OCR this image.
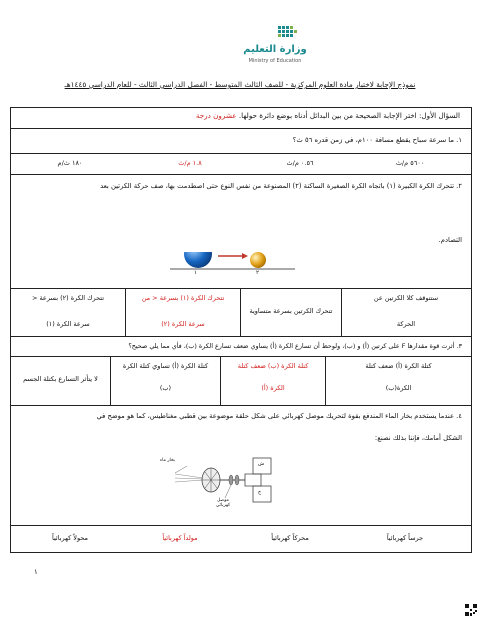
وزارة التعليم
Ministry of Education
نموذج الإجابة لاختبار مادة العلوم المركزية - للصف الثالث المتوسط - الفصل الدراسي الثالث - للعام الدراسي ١٤٤٥هـ
السؤال الأول: اختر الإجابة الصحيحة من بين البدائل أدناه بوضع دائرة حولها. عشرون درجة
١. ما سرعة سباح يقطع مسافة ١٠٠م، في زمن قدره ٥٦ ث؟
٥٦٠٠ م/ث
٠.٥٦ م/ث
١.٨ م/ث
١٨٠ ث/م
٢. تتحرك الكرة الكبيرة (١) باتجاه الكرة الصغيرة الساكنة (٢) المصنوعة من نفس النوع حتى اصطدمت بها، صف حركة الكرتين بعد
التصادم.
١	٢
ستتوقف كلا الكرتين عن
الحركة
تتحرك الكرتين بسرعة متساوية
تتحرك الكرة (١) بسرعة < من
سرعة الكرة (٢)
تتحرك الكرة (٢) بسرعة <
سرعة الكرة (١)
٣. أثرت قوة مقدارها F على كرتين (أ) و (ب)، ولوحظ أن تسارع الكرة (أ) يساوي ضعف تسارع الكرة (ب)، فأي مما يلي صحيح؟
كتلة الكرة (أ) ضعف كتلة
الكرة(ب)
كتلة الكرة (ب) ضعف كتلة
الكرة (أ)
كتلة الكرة (أ) تساوي كتلة الكرة
(ب)
لا يتأثر التسارع بكتلة الجسم
٤. عندما يستخدم بخار الماء المندفع بقوة لتحريك موصل كهربائي على شكل حلقة موضوعة بين قطبي مغناطيس، كما هو موضح في
الشكل أمامك، فإننا بذلك نصنع:
بخار ماء
موصل كهربائي
ش
ج
جرساً كهربائياً
محركاً كهربائياً
مولداً كهربائياً
محولاً كهربائياً
١
